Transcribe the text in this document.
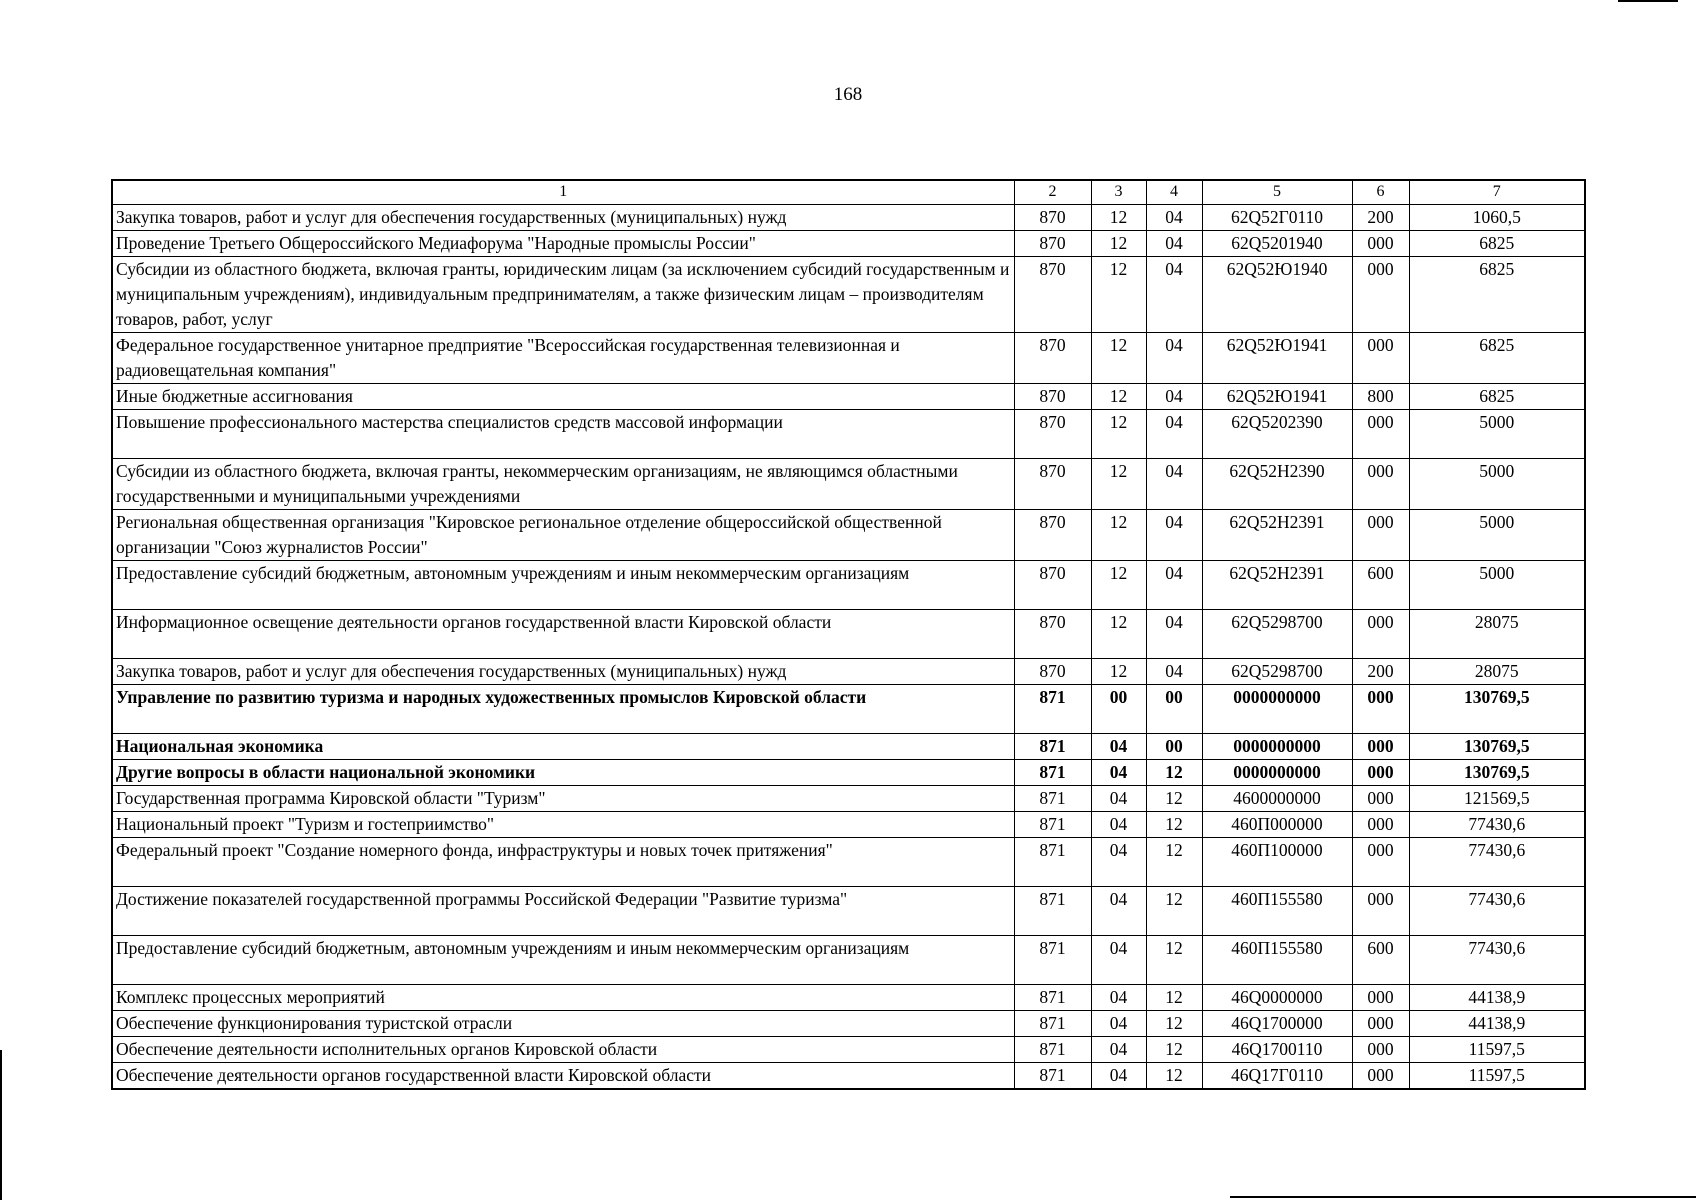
168
1	2	3	4	5	6	7
Закупка товаров, работ и услуг для обеспечения государственных (муниципальных) нужд	870	12	04	62Q52Г0110	200	1060,5
Проведение Третьего Общероссийского Медиафорума "Народные промыслы России"	870	12	04	62Q5201940	000	6825
Субсидии из областного бюджета, включая гранты, юридическим лицам (за исключением субсидий государственным и муниципальным учреждениям), индивидуальным предпринимателям, а также физическим лицам – производителям товаров, работ, услуг	870	12	04	62Q52Ю1940	000	6825
Федеральное государственное унитарное предприятие "Всероссийская государственная телевизионная и радиовещательная компания"	870	12	04	62Q52Ю1941	000	6825
Иные бюджетные ассигнования	870	12	04	62Q52Ю1941	800	6825
Повышение профессионального мастерства специалистов средств массовой информации	870	12	04	62Q5202390	000	5000
Субсидии из областного бюджета, включая гранты, некоммерческим организациям, не являющимся областными государственными и муниципальными учреждениями	870	12	04	62Q52Н2390	000	5000
Региональная общественная организация "Кировское региональное отделение общероссийской общественной организации "Союз журналистов России"	870	12	04	62Q52Н2391	000	5000
Предоставление субсидий бюджетным, автономным учреждениям и иным некоммерческим организациям	870	12	04	62Q52Н2391	600	5000
Информационное освещение деятельности органов государственной власти Кировской области	870	12	04	62Q5298700	000	28075
Закупка товаров, работ и услуг для обеспечения государственных (муниципальных) нужд	870	12	04	62Q5298700	200	28075
Управление по развитию туризма и народных художественных промыслов Кировской области	871	00	00	0000000000	000	130769,5
Национальная экономика	871	04	00	0000000000	000	130769,5
Другие вопросы в области национальной экономики	871	04	12	0000000000	000	130769,5
Государственная программа Кировской области "Туризм"	871	04	12	4600000000	000	121569,5
Национальный проект "Туризм и гостеприимство"	871	04	12	460П000000	000	77430,6
Федеральный проект "Создание номерного фонда, инфраструктуры и новых точек притяжения"	871	04	12	460П100000	000	77430,6
Достижение показателей государственной программы Российской Федерации "Развитие туризма"	871	04	12	460П155580	000	77430,6
Предоставление субсидий бюджетным, автономным учреждениям и иным некоммерческим организациям	871	04	12	460П155580	600	77430,6
Комплекс процессных мероприятий	871	04	12	46Q0000000	000	44138,9
Обеспечение функционирования туристской отрасли	871	04	12	46Q1700000	000	44138,9
Обеспечение деятельности исполнительных органов Кировской области	871	04	12	46Q1700110	000	11597,5
Обеспечение деятельности органов государственной власти Кировской области	871	04	12	46Q17Г0110	000	11597,5
